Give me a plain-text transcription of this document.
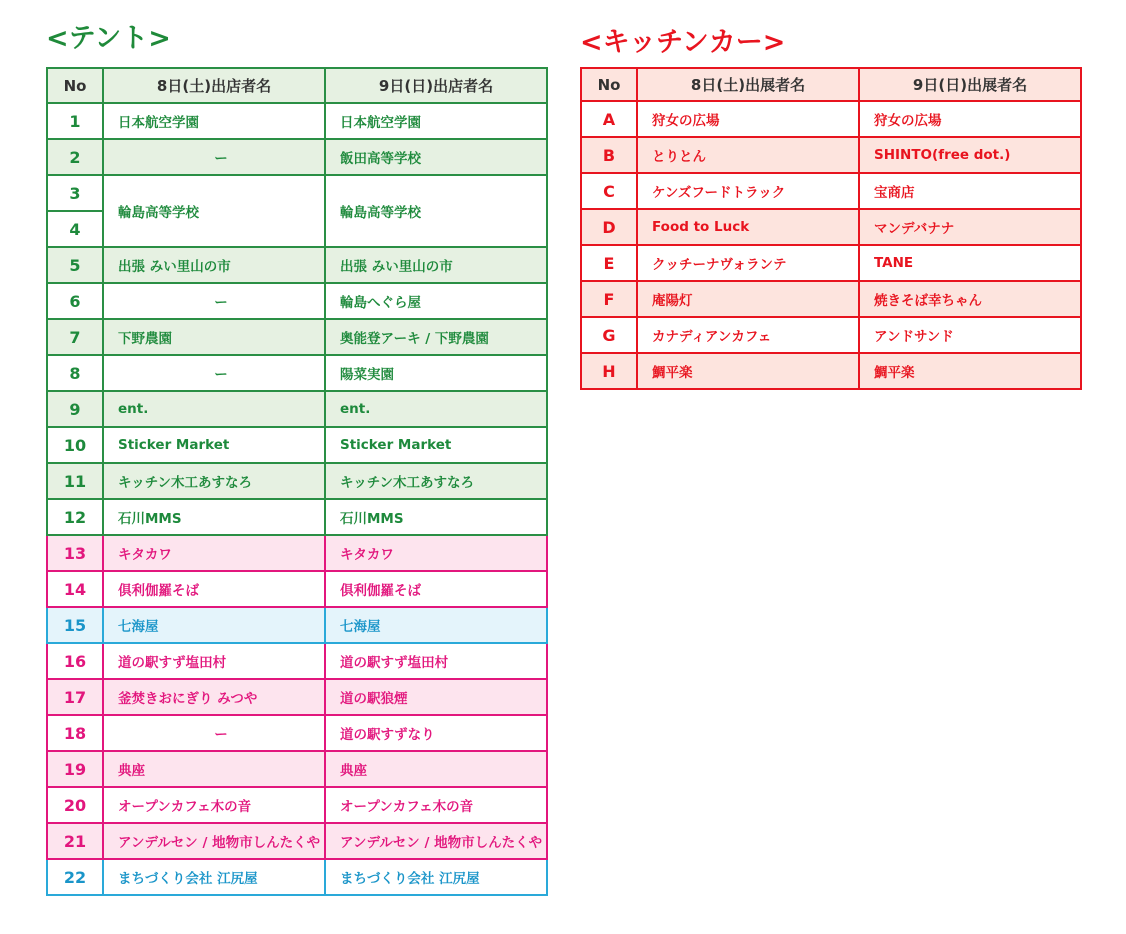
<テント>
No	8日(土)出店者名	9日(日)出店者名
1	日本航空学園	日本航空学園
2	ー	飯田高等学校
3	輪島高等学校	輪島高等学校
4		
5	出張 みい里山の市	出張 みい里山の市
6	ー	輪島へぐら屋
7	下野農園	奥能登アーキ / 下野農園
8	ー	陽菜実園
9	ent.	ent.
10	Sticker Market	Sticker Market
11	キッチン木工あすなろ	キッチン木工あすなろ
12	石川MMS	石川MMS
13	キタカワ	キタカワ
14	倶利伽羅そば	倶利伽羅そば
15	七海屋	七海屋
16	道の駅すず塩田村	道の駅すず塩田村
17	釜焚きおにぎり みつや	道の駅狼煙
18	ー	道の駅すずなり
19	典座	典座
20	オープンカフェ木の音	オープンカフェ木の音
21	アンデルセン / 地物市しんたくや	アンデルセン / 地物市しんたくや
22	まちづくり会社 江尻屋	まちづくり会社 江尻屋
<キッチンカー>
No	8日(土)出展者名	9日(日)出展者名
A	狩女の広場	狩女の広場
B	とりとん	SHINTO(free dot.)
C	ケンズフードトラック	宝商店
D	Food to Luck	マンデバナナ
E	クッチーナヴォランテ	TANE
F	庵陽灯	焼きそば幸ちゃん
G	カナディアンカフェ	アンドサンド
H	鯛平楽	鯛平楽
